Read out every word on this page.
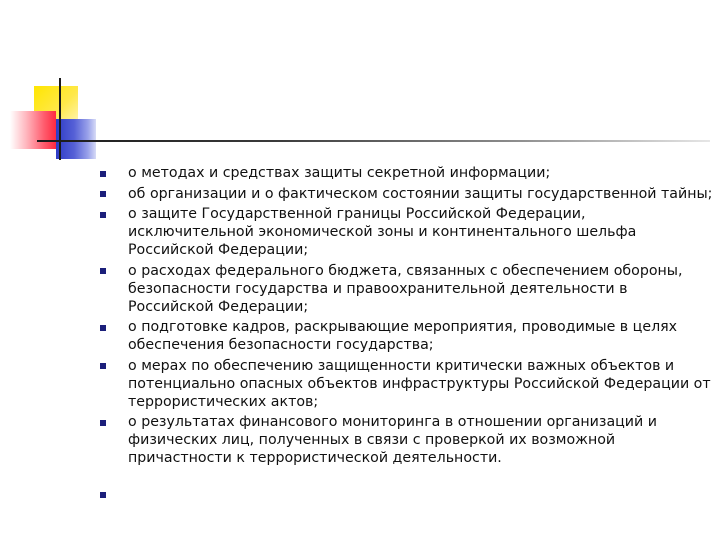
о методах и средствах защиты секретной информации;
об организации и о фактическом состоянии защиты государственной тайны;
о защите Государственной границы Российской Федерации,
исключительной экономической зоны и континентального шельфа
Российской Федерации;
о расходах федерального бюджета, связанных с обеспечением обороны,
безопасности государства и правоохранительной деятельности в
Российской Федерации;
о подготовке кадров, раскрывающие мероприятия, проводимые в целях
обеспечения безопасности государства;
о мерах по обеспечению защищенности критически важных объектов и
потенциально опасных объектов инфраструктуры Российской Федерации от
террористических актов;
о результатах финансового мониторинга в отношении организаций и
физических лиц, полученных в связи с проверкой их возможной
причастности к террористической деятельности.
